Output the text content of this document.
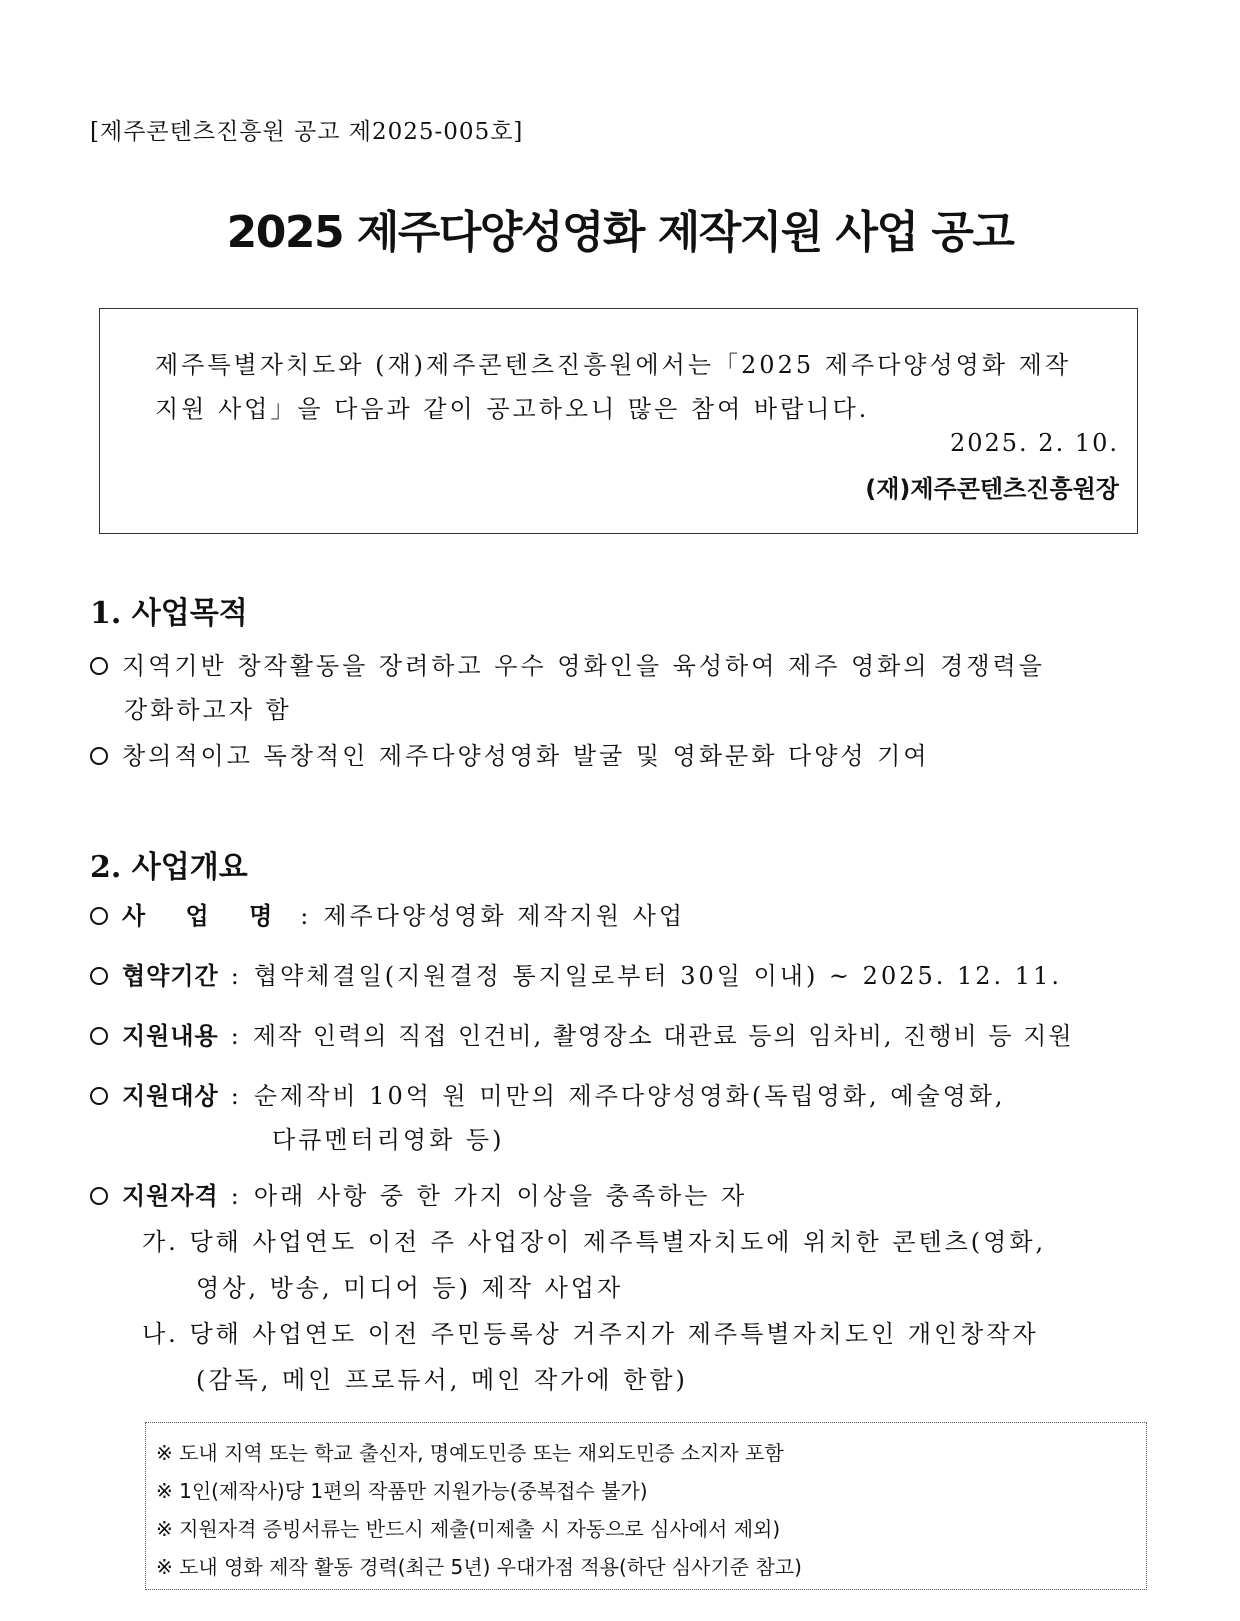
[제주콘텐츠진흥원 공고 제2025-005호]
2025 제주다양성영화 제작지원 사업 공고
제주특별자치도와 (재)제주콘텐츠진흥원에서는「2025 제주다양성영화 제작
지원 사업」을 다음과 같이 공고하오니 많은 참여 바랍니다.
2025. 2. 10.
(재)제주콘텐츠진흥원장
1. 사업목적
지역기반 창작활동을 장려하고 우수 영화인을 육성하여 제주 영화의 경쟁력을
강화하고자 함
창의적이고 독창적인 제주다양성영화 발굴 및 영화문화 다양성 기여
2. 사업개요
사 업 명 : 제주다양성영화 제작지원 사업
협약기간 : 협약체결일(지원결정 통지일로부터 30일 이내) ~ 2025. 12. 11.
지원내용 : 제작 인력의 직접 인건비, 촬영장소 대관료 등의 임차비, 진행비 등 지원
지원대상 : 순제작비 10억 원 미만의 제주다양성영화(독립영화, 예술영화,
다큐멘터리영화 등)
지원자격 : 아래 사항 중 한 가지 이상을 충족하는 자
가. 당해 사업연도 이전 주 사업장이 제주특별자치도에 위치한 콘텐츠(영화,
영상, 방송, 미디어 등) 제작 사업자
나. 당해 사업연도 이전 주민등록상 거주지가 제주특별자치도인 개인창작자
(감독, 메인 프로듀서, 메인 작가에 한함)
※ 도내 지역 또는 학교 출신자, 명예도민증 또는 재외도민증 소지자 포함
※ 1인(제작사)당 1편의 작품만 지원가능(중복접수 불가)
※ 지원자격 증빙서류는 반드시 제출(미제출 시 자동으로 심사에서 제외)
※ 도내 영화 제작 활동 경력(최근 5년) 우대가점 적용(하단 심사기준 참고)
